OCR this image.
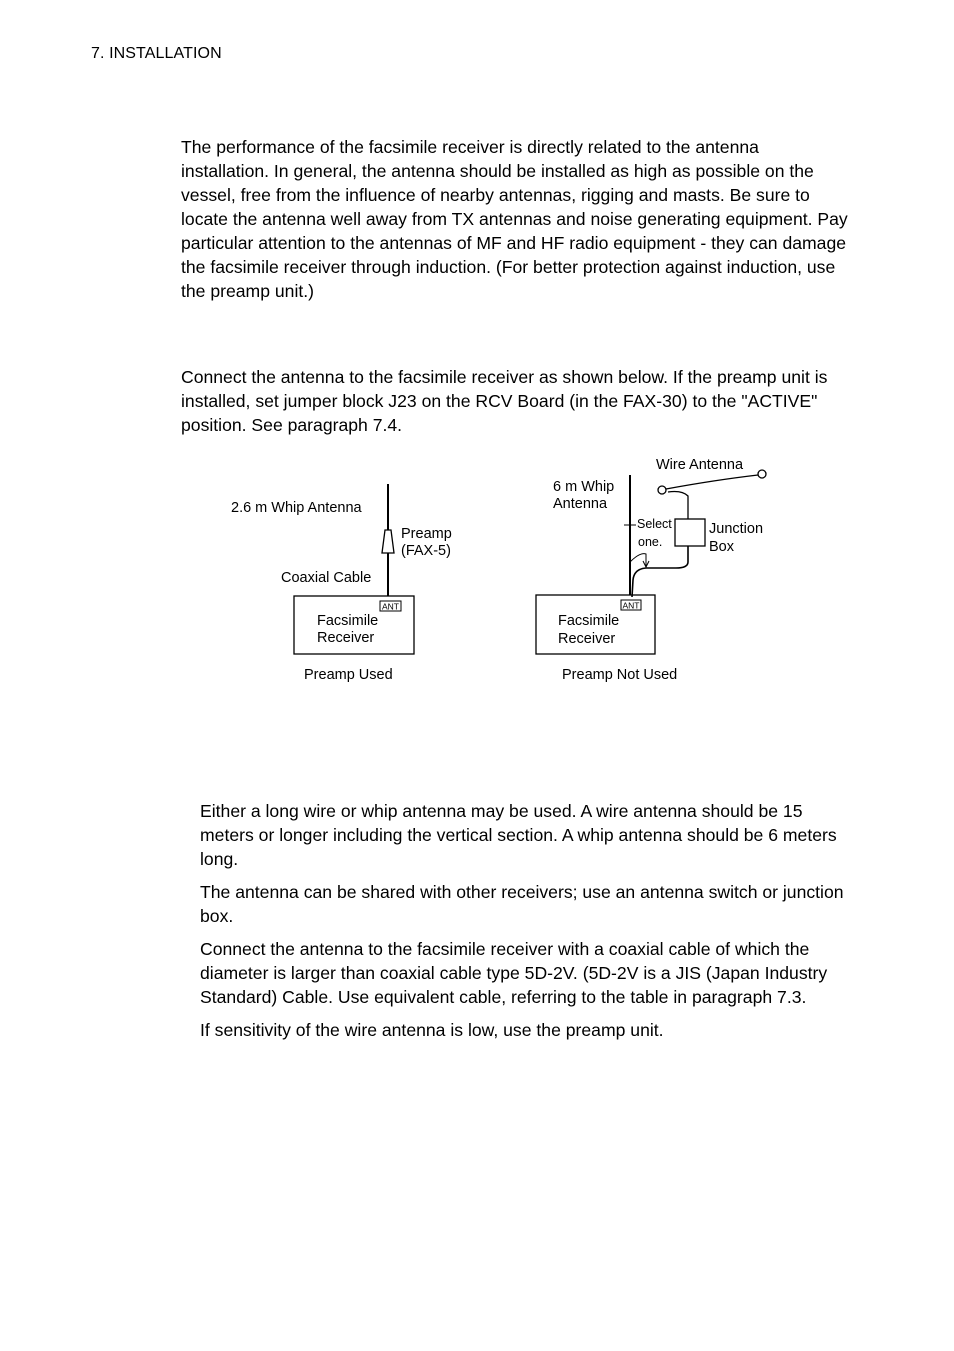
7. INSTALLATION

The performance of the facsimile receiver is directly related to the antenna installation. In general, the antenna should be installed as high as possible on the vessel, free from the influence of nearby antennas, rigging and masts. Be sure to locate the antenna well away from TX antennas and noise generating equipment. Pay particular attention to the antennas of MF and HF radio equipment - they can damage the facsimile receiver through induction. (For better protection against induction, use the preamp unit.)

Connect the antenna to the facsimile receiver as shown below. If the preamp unit is installed, set jumper block J23 on the RCV Board (in the FAX-30) to the "ACTIVE" position. See paragraph 7.4.

ANT
2.6 m Whip Antenna
Preamp
(FAX-5)
Coaxial Cable
Facsimile
Receiver
Preamp Used
ANT
Wire Antenna
6 m Whip
Antenna
Select
one.
Junction
Box
Facsimile
Receiver
Preamp Not Used
Either a long wire or whip antenna may be used. A wire antenna should be 15 meters or longer including the vertical section. A whip antenna should be 6 meters long.
The antenna can be shared with other receivers; use an antenna switch or junction box.
Connect the antenna to the facsimile receiver with a coaxial cable of which the diameter is larger than coaxial cable type 5D-2V. (5D-2V is a JIS (Japan Industry Standard) Cable. Use equivalent cable, referring to the table in paragraph 7.3.
If sensitivity of the wire antenna is low, use the preamp unit.
